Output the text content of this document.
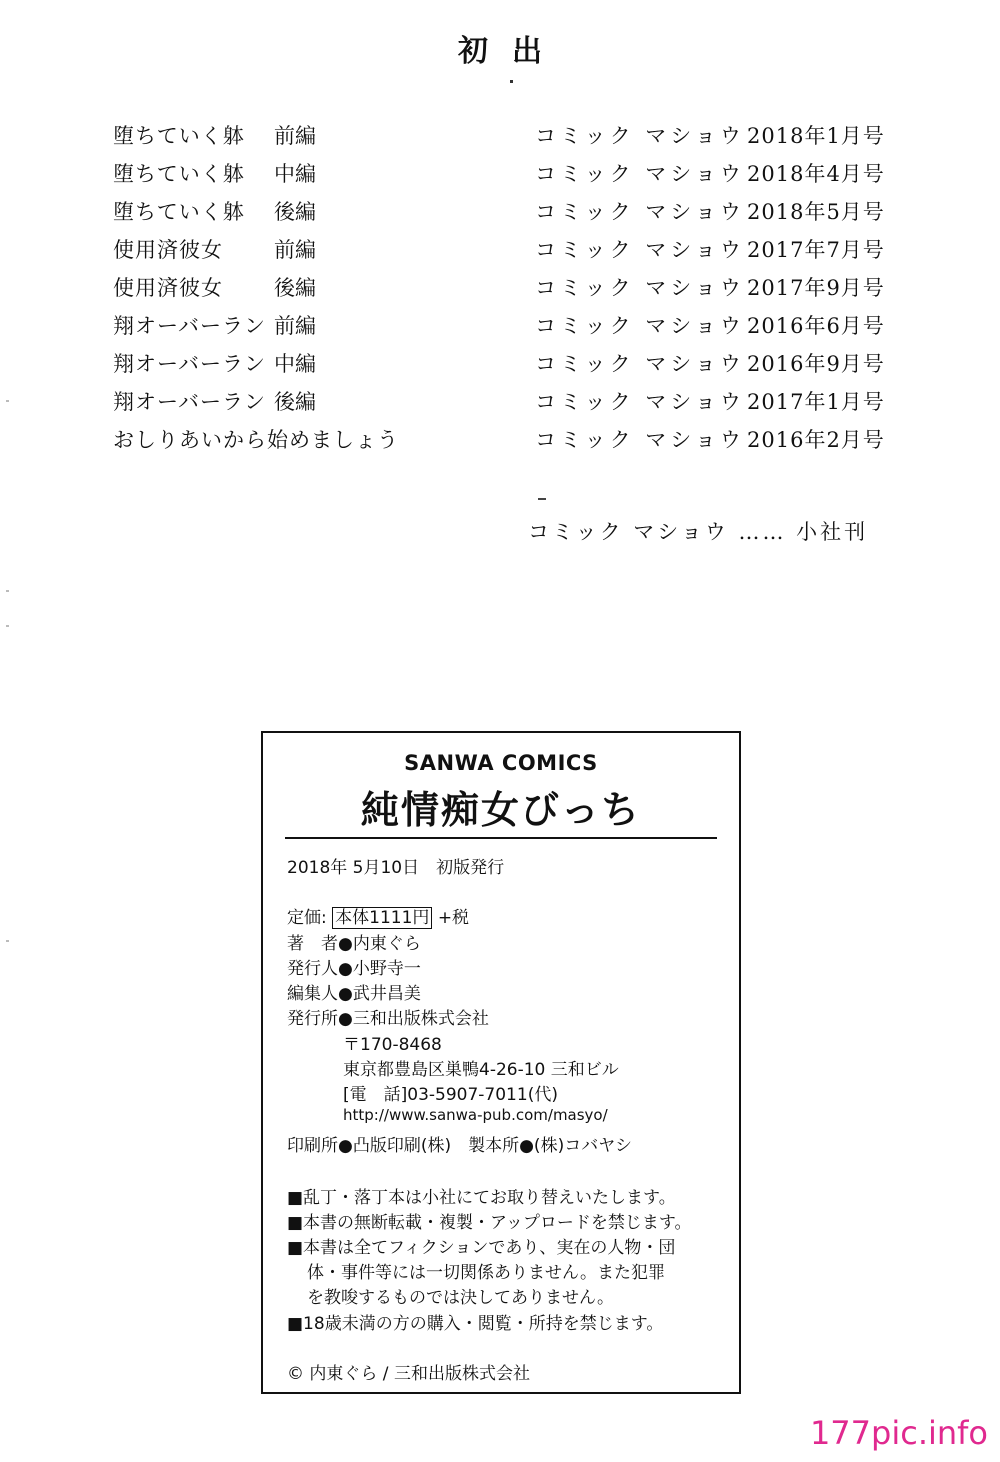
初出
堕ちていく躰 前編	コミック マショウ 2018年1月号
堕ちていく躰 中編	コミック マショウ 2018年4月号
堕ちていく躰 後編	コミック マショウ 2018年5月号
使用済彼女 前編	コミック マショウ 2017年7月号
使用済彼女 後編	コミック マショウ 2017年9月号
翔オーバーラン 前編	コミック マショウ 2016年6月号
翔オーバーラン 中編	コミック マショウ 2016年9月号
翔オーバーラン 後編	コミック マショウ 2017年1月号
おしりあいから始めましょう	コミック マショウ 2016年2月号
コミック マショウ …… 小社刊
SANWA COMICS
純情痴女びっち
2018年 5月10日　初版発行
定価: 本体1111円 +税
著　者●内東ぐら
発行人●小野寺一
編集人●武井昌美
発行所●三和出版株式会社
〒170-8468
東京都豊島区巣鴨4-26-10 三和ビル
[電　話]03-5907-7011(代)
http://www.sanwa-pub.com/masyo/
印刷所●凸版印刷(株)　製本所●(株)コバヤシ
■乱丁・落丁本は小社にてお取り替えいたします。
■本書の無断転載・複製・アップロードを禁じます。
■本書は全てフィクションであり、実在の人物・団
体・事件等には一切関係ありません。また犯罪
を教唆するものでは決してありません。
■18歳未満の方の購入・閲覧・所持を禁じます。
© 内東ぐら / 三和出版株式会社
177pic.info
